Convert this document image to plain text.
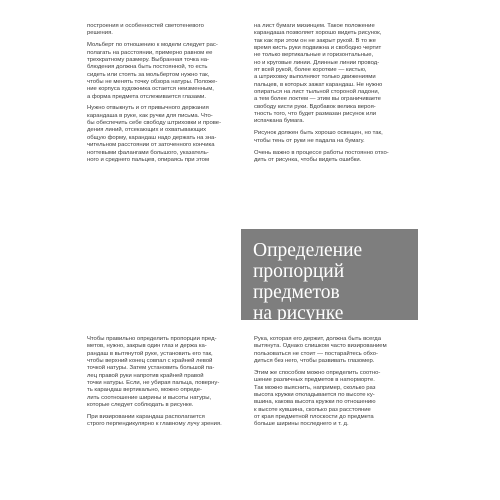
построения и особенностей светотеневого
решения.

Мольберт по отношению к модели следует рас-
полагать на расстоянии, примерно равном ее
трехкратному размеру. Выбранная точка на-
блюдения должна быть постоянной, то есть
сидеть или стоять за мольбертом нужно так,
чтобы не менять точку обзора натуры. Положе-
ние корпуса художника остается неизменным,
а форма предмета отслеживается глазами.

Нужно отвыкнуть и от привычного держания
карандаша в руке, как ручки для письма. Что-
бы обеспечить себе свободу штриховки и прове-
дения линий, отсекающих и охватывающих
общую форму, карандаш надо держать на зна-
чительном расстоянии от заточенного кончика
ногтевыми фалангами большого, указатель-
ного и среднего пальцев, опираясь при этом

на лист бумаги мизинцем. Такое положение
карандаша позволяет хорошо видеть рисунок,
так как при этом он не закрыт рукой. В то же
время кисть руки подвижна и свободно чертит
не только вертикальные и горизонтальные,
но и круговые линии. Длинные линии провод-
ят всей рукой, более короткие — кистью,
а штриховку выполняют только движениями
пальцев, в которых зажат карандаш. Не нужно
опираться на лист тыльной стороной ладони,
а тем более локтем — этим вы ограничиваете
свободу кисти руки. Вдобавок велика вероя-
тность того, что будет размазан рисунок или
испачкана бумага.

Рисунок должен быть хорошо освещен, но так,
чтобы тень от руки не падала на бумагу.

Очень важно в процессе работы постоянно отхо-
дить от рисунка, чтобы видеть ошибки.

Определение
пропорций
предметов
на рисунке

Чтобы правильно определить пропорции пред-
метов, нужно, закрыв один глаз и держа ка-
рандаш в вытянутой руке, установить его так,
чтобы верхний конец совпал с крайней левой
точкой натуры. Затем установить большой па-
лец правой руки напротив крайней правой
точки натуры. Если, не убирая пальца, поверну-
ть карандаш вертикально, можно опреде-
лить соотношение ширины и высоты натуры,
которые следует соблюдать в рисунке.

При визировании карандаш располагается
строго перпендикулярно к главному лучу зрения.

Рука, которая его держит, должна быть всегда
вытянута. Однако слишком часто визированием
пользоваться не стоит — постарайтесь обхо-
диться без него, чтобы развивать глазомер.

Этим же способом можно определить соотно-
шение различных предметов в натюрморте.
Так можно выяснить, например, сколько раз
высота кружки откладывается по высоте ку-
вшина, какова высота кружки по отношению
к высоте кувшина, сколько раз расстояние
от края предметной плоскости до предмета
больше ширины последнего и т. д.
